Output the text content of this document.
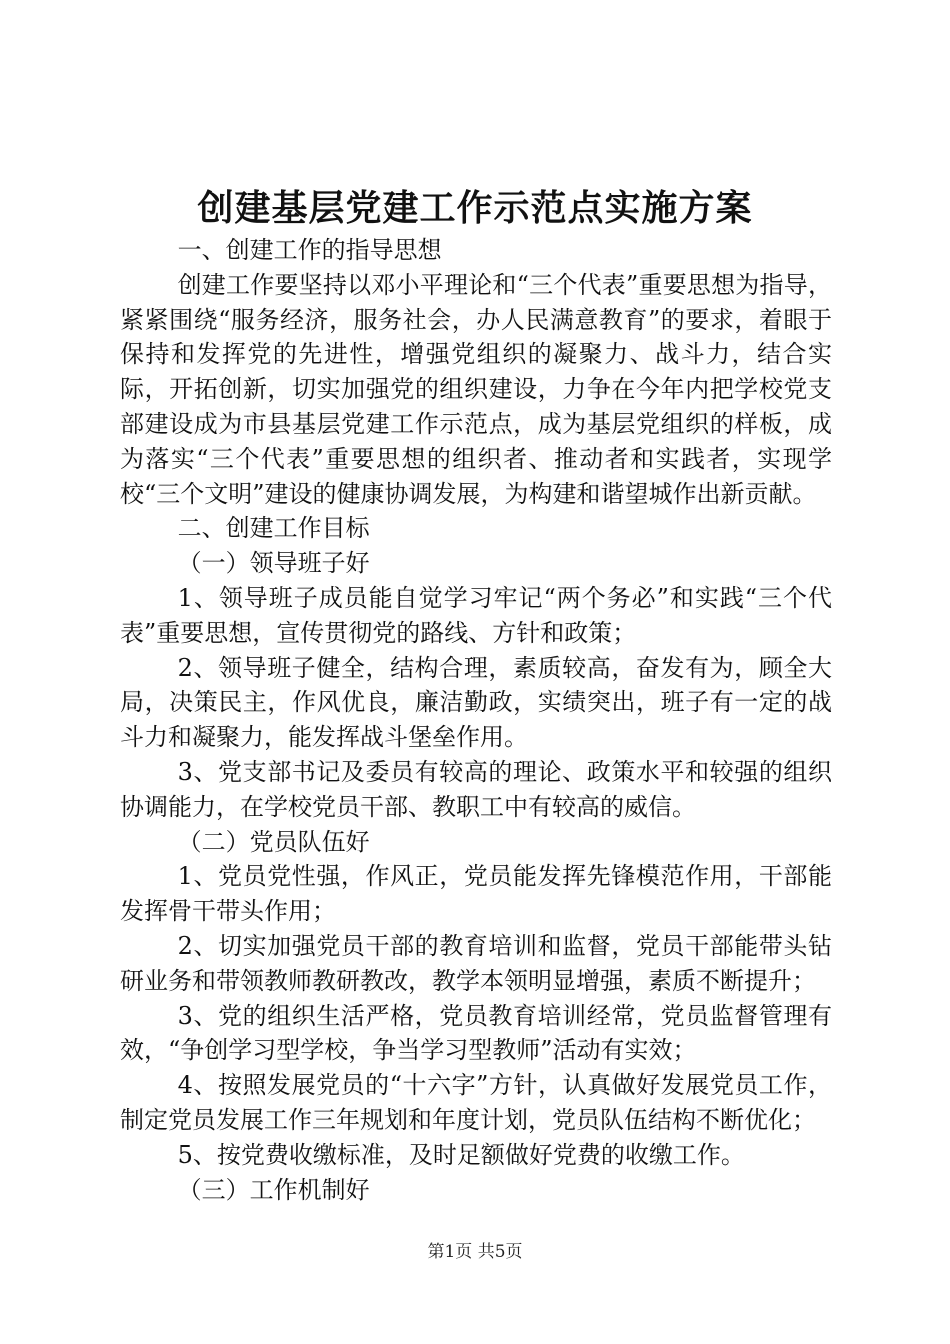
创建基层党建工作示范点实施方案

一、创建工作的指导思想

创建工作要坚持以邓小平理论和“三个代表”重要思想为指导，紧紧围绕“服务经济，服务社会，办人民满意教育”的要求，着眼于保持和发挥党的先进性，增强党组织的凝聚力、战斗力，结合实际，开拓创新，切实加强党的组织建设，力争在今年内把学校党支部建设成为市县基层党建工作示范点，成为基层党组织的样板，成为落实“三个代表”重要思想的组织者、推动者和实践者，实现学校“三个文明”建设的健康协调发展，为构建和谐望城作出新贡献。

二、创建工作目标

（一）领导班子好

1、领导班子成员能自觉学习牢记“两个务必”和实践“三个代表”重要思想，宣传贯彻党的路线、方针和政策；

2、领导班子健全，结构合理，素质较高，奋发有为，顾全大局，决策民主，作风优良，廉洁勤政，实绩突出，班子有一定的战斗力和凝聚力，能发挥战斗堡垒作用。

3、党支部书记及委员有较高的理论、政策水平和较强的组织协调能力，在学校党员干部、教职工中有较高的威信。

（二）党员队伍好

1、党员党性强，作风正，党员能发挥先锋模范作用，干部能发挥骨干带头作用；

2、切实加强党员干部的教育培训和监督，党员干部能带头钻研业务和带领教师教研教改，教学本领明显增强，素质不断提升；

3、党的组织生活严格，党员教育培训经常，党员监督管理有效，“争创学习型学校，争当学习型教师”活动有实效；

4、按照发展党员的“十六字”方针，认真做好发展党员工作，制定党员发展工作三年规划和年度计划，党员队伍结构不断优化；

5、按党费收缴标准，及时足额做好党费的收缴工作。

（三）工作机制好

第1页 共5页
